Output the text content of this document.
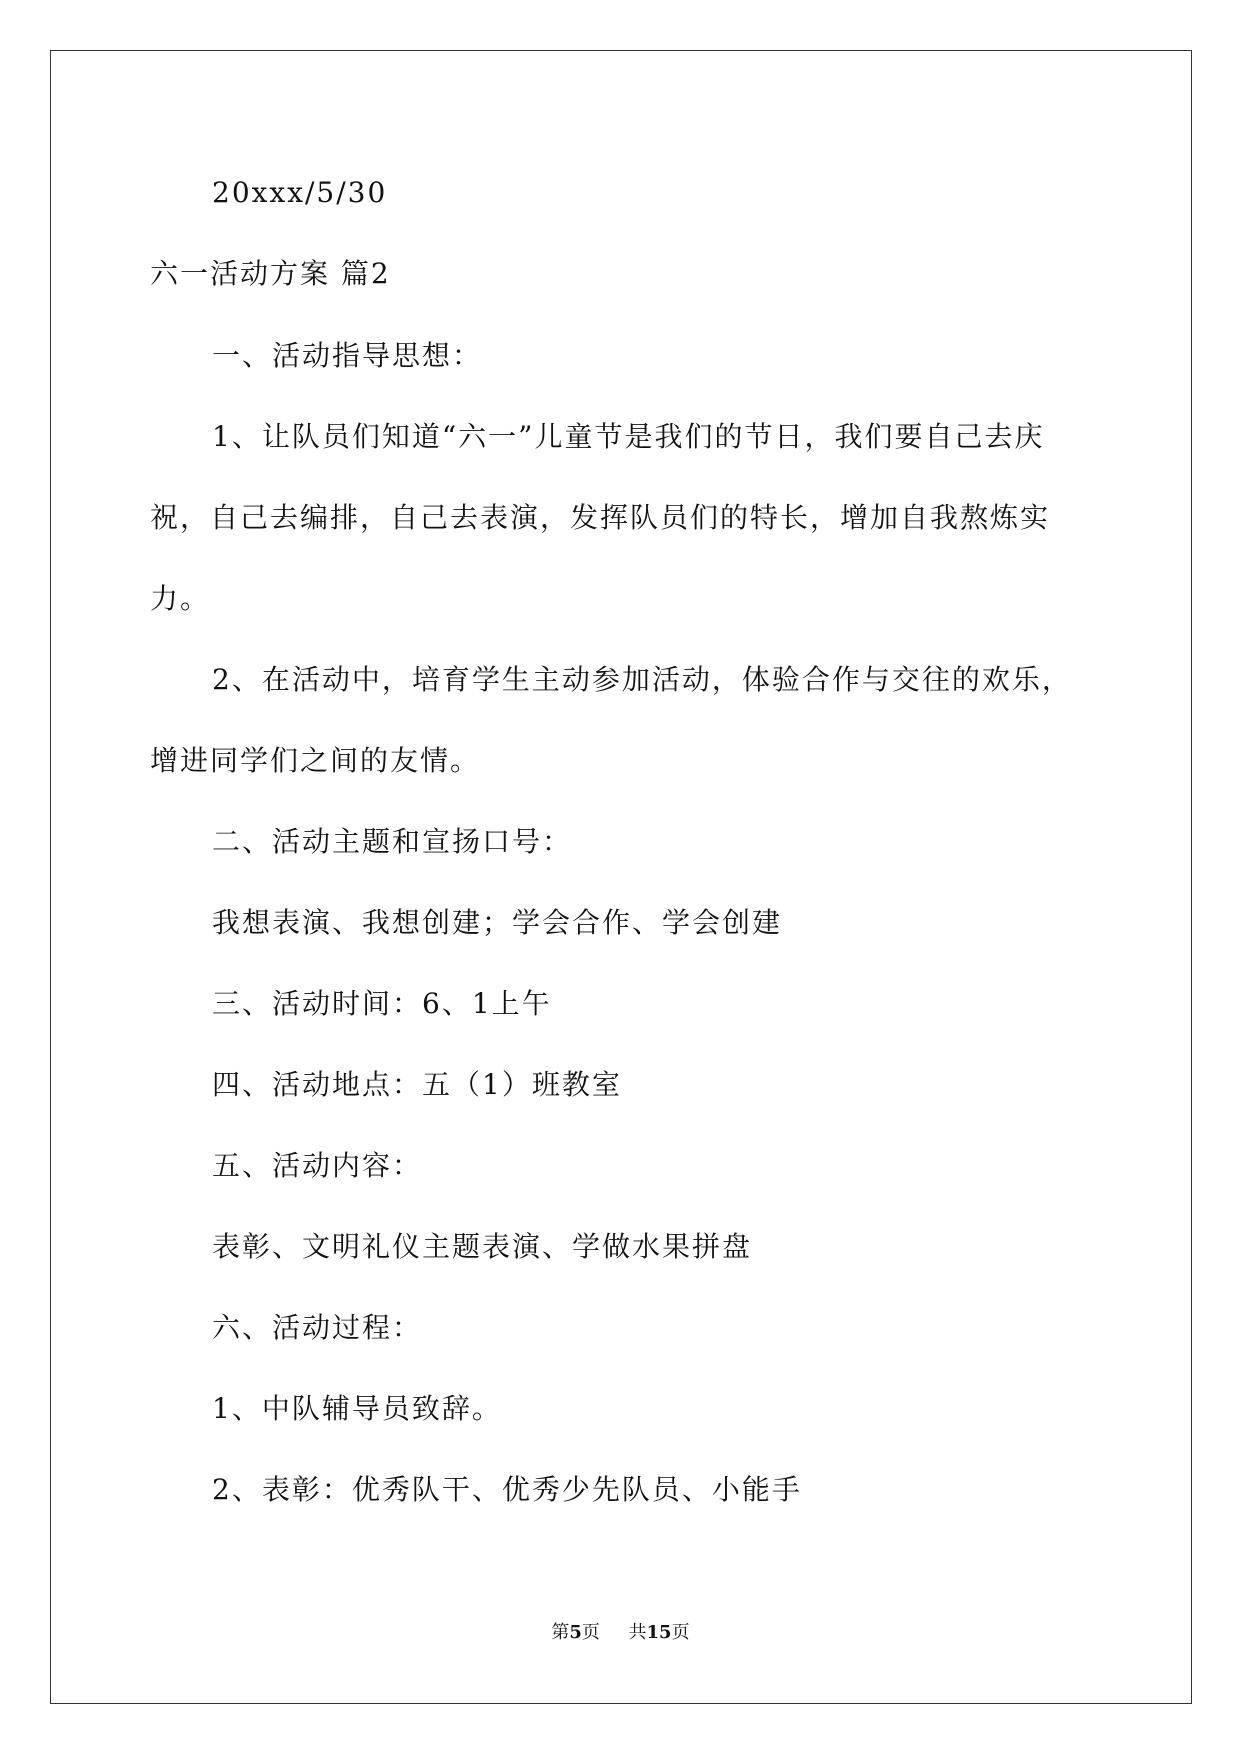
20xxx/5/30
六一活动方案 篇2
一、活动指导思想：
1、让队员们知道“六一”儿童节是我们的节日，我们要自己去庆
祝，自己去编排，自己去表演，发挥队员们的特长，增加自我熬炼实
力。
2、在活动中，培育学生主动参加活动，体验合作与交往的欢乐，
增进同学们之间的友情。
二、活动主题和宣扬口号：
我想表演、我想创建；学会合作、学会创建
三、活动时间：6、1上午
四、活动地点：五（1）班教室
五、活动内容：
表彰、文明礼仪主题表演、学做水果拼盘
六、活动过程：
1、中队辅导员致辞。
2、表彰：优秀队干、优秀少先队员、小能手
第5页 共15页
